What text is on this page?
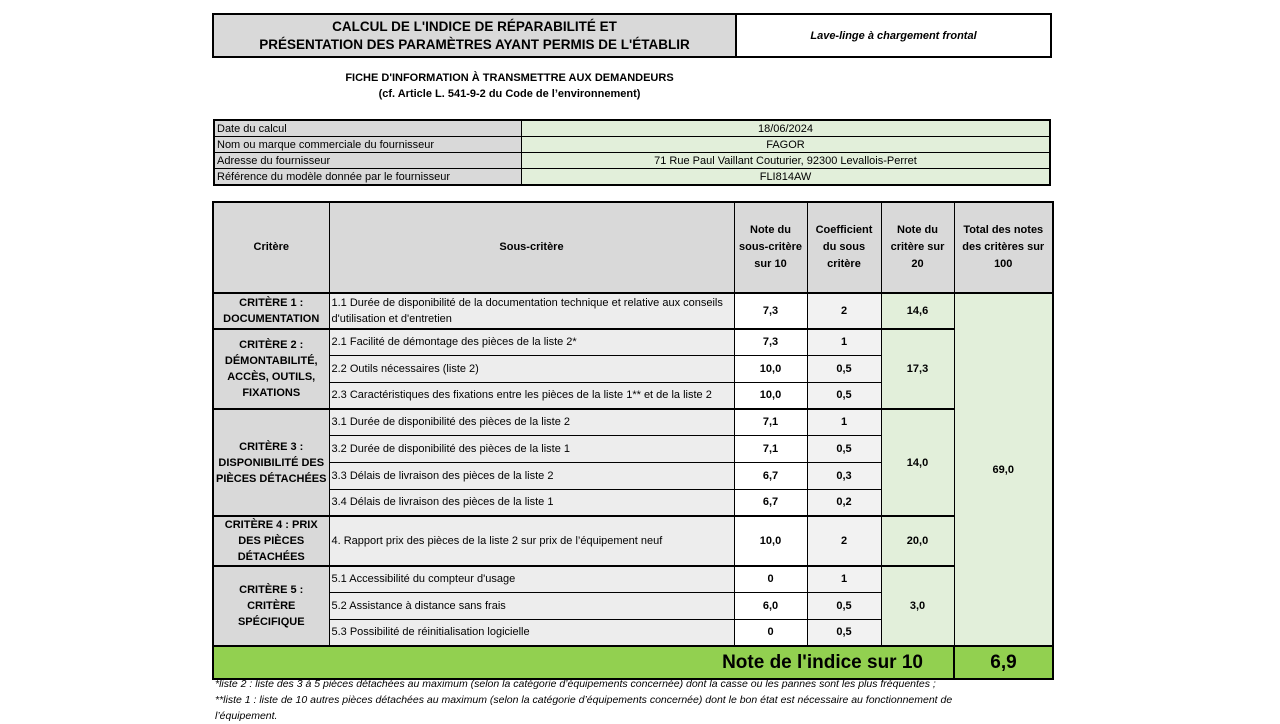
CALCUL DE L'INDICE DE RÉPARABILITÉ ET
PRÉSENTATION DES PARAMÈTRES AYANT PERMIS DE L'ÉTABLIR
Lave-linge à chargement frontal
FICHE D'INFORMATION À TRANSMETTRE AUX DEMANDEURS
(cf. Article L. 541-9-2 du Code de l’environnement)
Date du calcul	18/06/2024
Nom ou marque commerciale du fournisseur	FAGOR
Adresse du fournisseur	71 Rue Paul Vaillant Couturier, 92300 Levallois-Perret
Référence du modèle donnée par le fournisseur	FLI814AW
Critère	Sous-critère	Note du sous-critère sur 10	Coefficient du sous critère	Note du critère sur 20	Total des notes des critères sur 100
CRITÈRE 1 : DOCUMENTATION	1.1 Durée de disponibilité de la documentation technique et relative aux conseils d'utilisation et d'entretien	7,3	2	14,6	69,0
CRITÈRE 2 : DÉMONTABILITÉ, ACCÈS, OUTILS, FIXATIONS	2.1 Facilité de démontage des pièces de la liste 2*	7,3	1	17,3	
	2.2 Outils nécessaires (liste 2)	10,0	0,5		
	2.3 Caractéristiques des fixations entre les pièces de la liste 1** et de la liste 2	10,0	0,5		
CRITÈRE 3 : DISPONIBILITÉ DES PIÈCES DÉTACHÉES	3.1 Durée de disponibilité des pièces de la liste 2	7,1	1	14,0	
	3.2 Durée de disponibilité des pièces de la liste 1	7,1	0,5		
	3.3 Délais de livraison des pièces de la liste 2	6,7	0,3		
	3.4 Délais de livraison des pièces de la liste 1	6,7	0,2		
CRITÈRE 4 : PRIX DES PIÈCES DÉTACHÉES	4. Rapport prix des pièces de la liste 2 sur prix de l’équipement neuf	10,0	2	20,0	
CRITÈRE 5 : CRITÈRE SPÉCIFIQUE	5.1 Accessibilité du compteur d'usage	0	1	3,0	
	5.2 Assistance à distance sans frais	6,0	0,5		
	5.3 Possibilité de réinitialisation logicielle	0	0,5		
Note de l'indice sur 10					6,9
*liste 2 : liste des 3 à 5 pièces détachées au maximum (selon la catégorie d’équipements concernée) dont la casse ou les pannes sont les plus fréquentes ;
**liste 1 : liste de 10 autres pièces détachées au maximum (selon la catégorie d’équipements concernée) dont le bon état est nécessaire au fonctionnement de
l’équipement.
